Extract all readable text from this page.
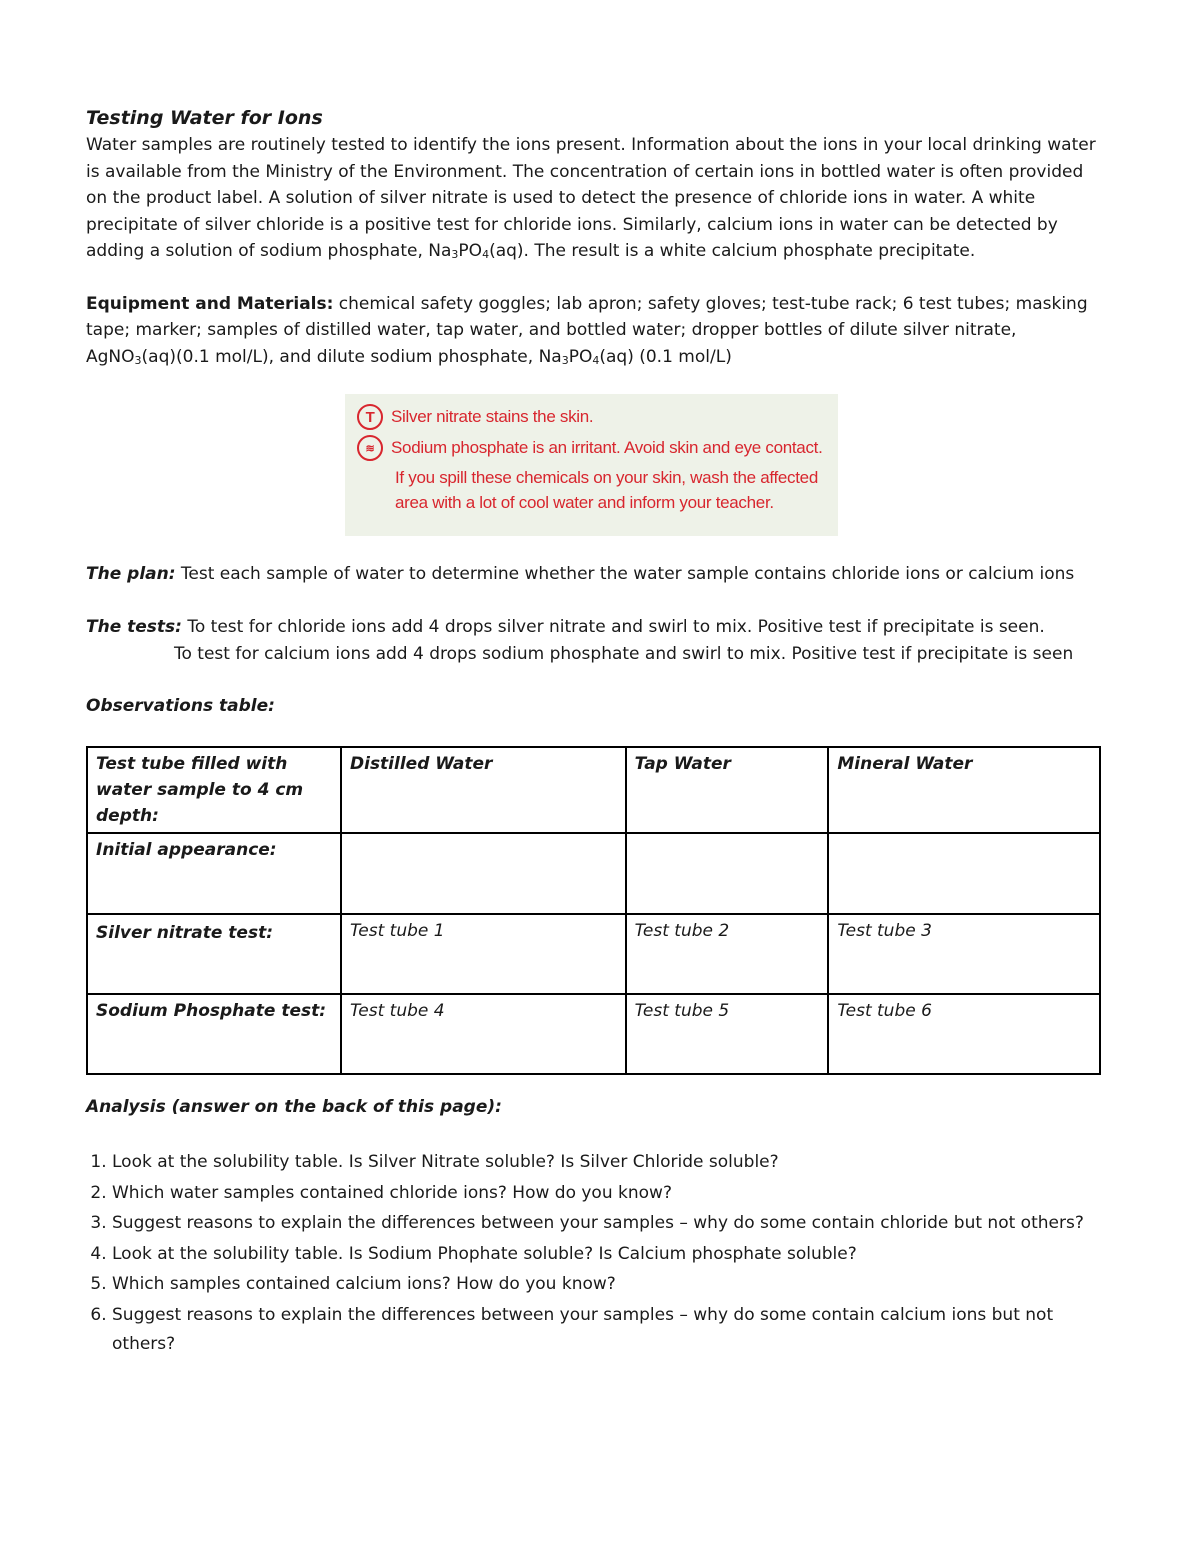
Testing Water for Ions

Water samples are routinely tested to identify the ions present. Information about the ions in your local drinking water is available from the Ministry of the Environment. The concentration of certain ions in bottled water is often provided on the product label. A solution of silver nitrate is used to detect the presence of chloride ions in water. A white precipitate of silver chloride is a positive test for chloride ions. Similarly, calcium ions in water can be detected by adding a solution of sodium phosphate, $Na_3PO_4(aq)$. The result is a white calcium phosphate precipitate.

Equipment and Materials: chemical safety goggles; lab apron; safety gloves; test-tube rack; 6 test tubes; masking tape; marker; samples of distilled water, tap water, and bottled water; dropper bottles of dilute silver nitrate, AgNO$_3$(aq)(0.1 mol/L), and dilute sodium phosphate, $Na_3PO_4(aq)$ (0.1 mol/L)

T Silver nitrate stains the skin.
≋ Sodium phosphate is an irritant. Avoid skin and eye contact.
If you spill these chemicals on your skin, wash the affected
area with a lot of cool water and inform your teacher.
The plan: Test each sample of water to determine whether the water sample contains chloride ions or calcium ions
The tests: To test for chloride ions add 4 drops silver nitrate and swirl to mix. Positive test if precipitate is seen.
To test for calcium ions add 4 drops sodium phosphate and swirl to mix. Positive test if precipitate is seen
Observations table:
Test tube filled with water sample to 4 cm depth:	Distilled Water	Tap Water	Mineral Water
Initial appearance:			
Silver nitrate test:	Test tube 1	Test tube 2	Test tube 3
Sodium Phosphate test:	Test tube 4	Test tube 5	Test tube 6
Analysis (answer on the back of this page):
1. Look at the solubility table. Is Silver Nitrate soluble? Is Silver Chloride soluble?
2. Which water samples contained chloride ions? How do you know?
3. Suggest reasons to explain the differences between your samples – why do some contain chloride but not others?
4. Look at the solubility table. Is Sodium Phophate soluble? Is Calcium phosphate soluble?
5. Which samples contained calcium ions? How do you know?
6. Suggest reasons to explain the differences between your samples – why do some contain calcium ions but not others?
